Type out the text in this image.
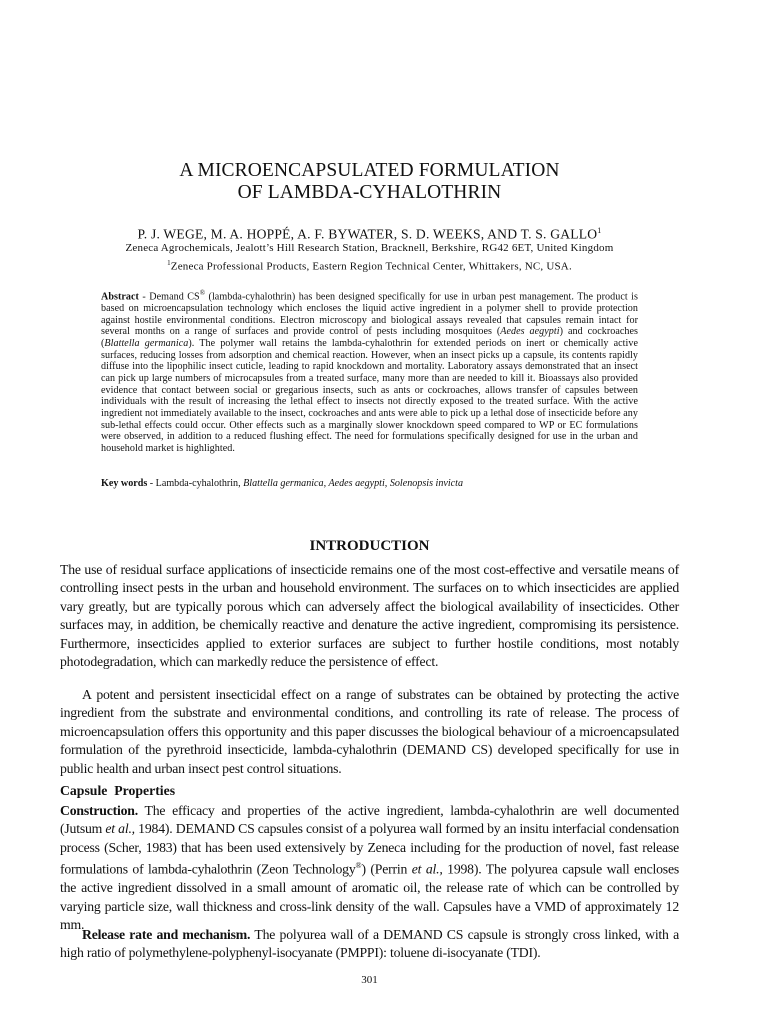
A MICROENCAPSULATED FORMULATION
OF LAMBDA-CYHALOTHRIN
P. J. WEGE, M. A. HOPPÉ, A. F. BYWATER, S. D. WEEKS, AND T. S. GALLO$^1$
Zeneca Agrochemicals, Jealott’s Hill Research Station, Bracknell, Berkshire, RG42 6ET, United Kingdom
$^1$Zeneca Professional Products, Eastern Region Technical Center, Whittakers, NC, USA.
Abstract - Demand CS® (lambda-cyhalothrin) has been designed specifically for use in urban pest management. The product is based on microencapsulation technology which encloses the liquid active ingredient in a polymer shell to provide protection against hostile environmental conditions. Electron microscopy and biological assays revealed that capsules remain intact for several months on a range of surfaces and provide control of pests including mosquitoes (Aedes aegypti) and cockroaches (Blattella germanica). The polymer wall retains the lambda-cyhalothrin for extended periods on inert or chemically active surfaces, reducing losses from adsorption and chemical reaction. However, when an insect picks up a capsule, its contents rapidly diffuse into the lipophilic insect cuticle, leading to rapid knockdown and mortality. Laboratory assays demonstrated that an insect can pick up large numbers of microcapsules from a treated surface, many more than are needed to kill it. Bioassays also provided evidence that contact between social or gregarious insects, such as ants or cockroaches, allows transfer of capsules between individuals with the result of increasing the lethal effect to insects not directly exposed to the treated surface. With the active ingredient not immediately available to the insect, cockroaches and ants were able to pick up a lethal dose of insecticide before any sub-lethal effects could occur. Other effects such as a marginally slower knockdown speed compared to WP or EC formulations were observed, in addition to a reduced flushing effect. The need for formulations specifically designed for use in the urban and household market is highlighted.
Key words - Lambda-cyhalothrin, Blattella germanica, Aedes aegypti, Solenopsis invicta
INTRODUCTION
The use of residual surface applications of insecticide remains one of the most cost-effective and versatile means of controlling insect pests in the urban and household environment. The surfaces on to which insecticides are applied vary greatly, but are typically porous which can adversely affect the biological availability of insecticides. Other surfaces may, in addition, be chemically reactive and denature the active ingredient, compromising its persistence. Furthermore, insecticides applied to exterior surfaces are subject to further hostile conditions, most notably photodegradation, which can markedly reduce the persistence of effect.
A potent and persistent insecticidal effect on a range of substrates can be obtained by protecting the active ingredient from the substrate and environmental conditions, and controlling its rate of release. The process of microencapsulation offers this opportunity and this paper discusses the biological behaviour of a microencapsulated formulation of the pyrethroid insecticide, lambda-cyhalothrin (DEMAND CS) developed specifically for use in public health and urban insect pest control situations.
Capsule  Properties
Construction. The efficacy and properties of the active ingredient, lambda-cyhalothrin are well documented (Jutsum et al., 1984). DEMAND CS capsules consist of a polyurea wall formed by an insitu interfacial condensation process (Scher, 1983) that has been used extensively by Zeneca including for the production of novel, fast release formulations of lambda-cyhalothrin (Zeon Technology®) (Perrin et al., 1998). The polyurea capsule wall encloses the active ingredient dissolved in a small amount of aromatic oil, the release rate of which can be controlled by varying particle size, wall thickness and cross-link density of the wall. Capsules have a VMD of approximately 12 mm.
Release rate and mechanism. The polyurea wall of a DEMAND CS capsule is strongly cross linked, with a high ratio of polymethylene-polyphenyl-isocyanate (PMPPI): toluene di-isocyanate (TDI).
301
